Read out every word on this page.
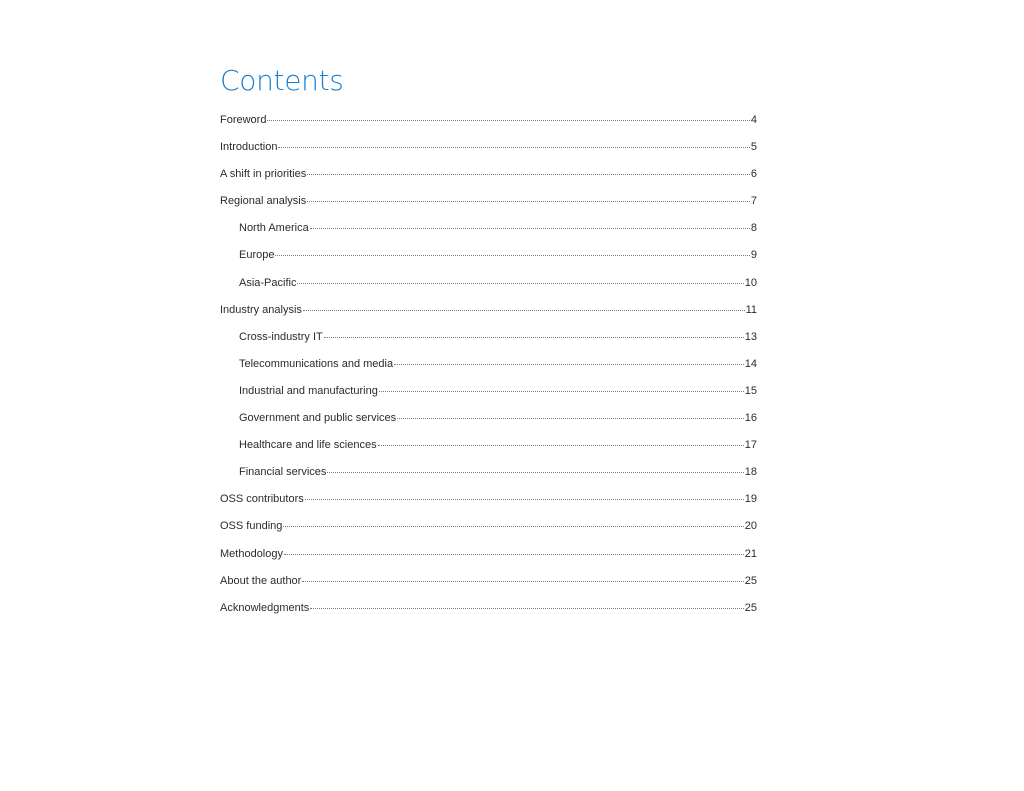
Contents
Foreword	4
Introduction	5
A shift in priorities	6
Regional analysis	7
North America	8
Europe	9
Asia-Pacific	10
Industry analysis	11
Cross-industry IT	13
Telecommunications and media	14
Industrial and manufacturing	15
Government and public services	16
Healthcare and life sciences	17
Financial services	18
OSS contributors	19
OSS funding	20
Methodology	21
About the author	25
Acknowledgments	25
